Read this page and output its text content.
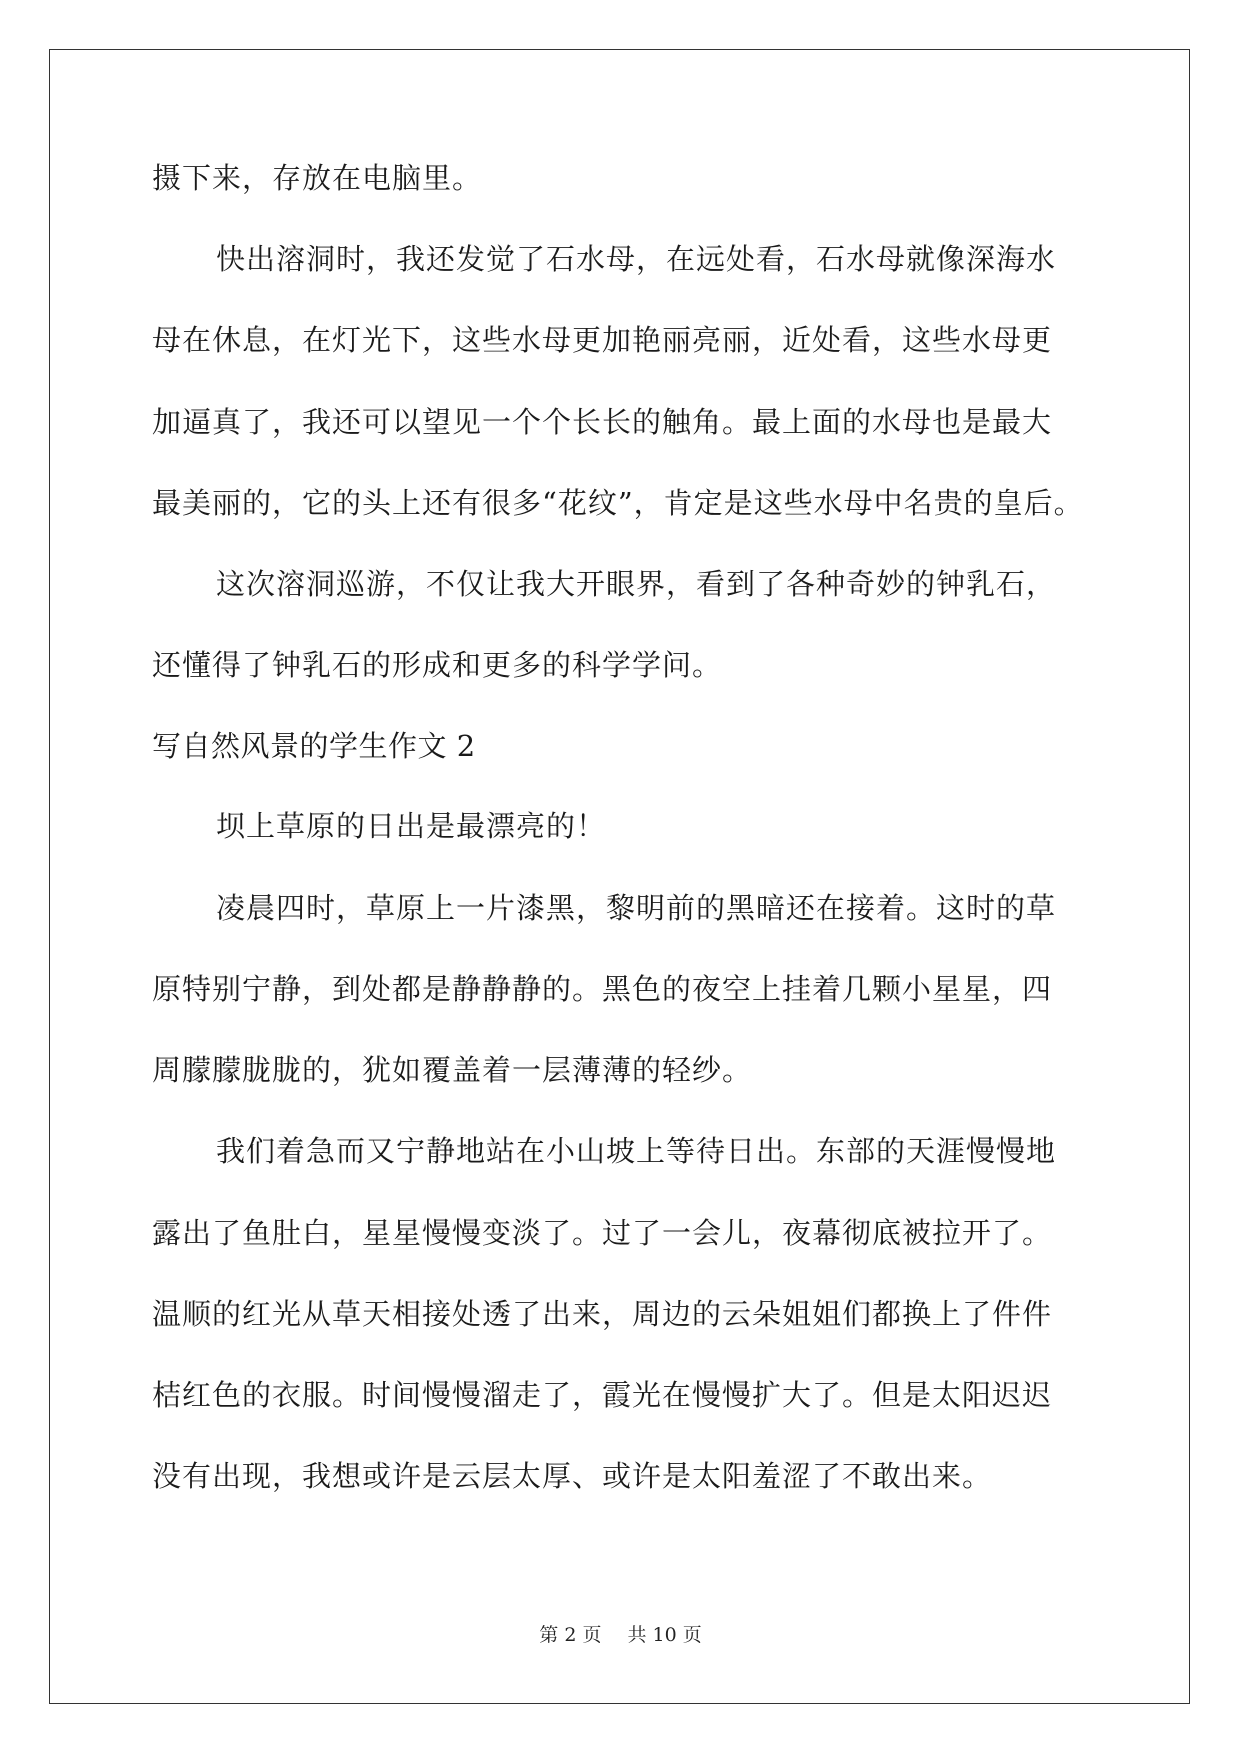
摄下来，存放在电脑里。
快出溶洞时，我还发觉了石水母，在远处看，石水母就像深海水
母在休息，在灯光下，这些水母更加艳丽亮丽，近处看，这些水母更
加逼真了，我还可以望见一个个长长的触角。最上面的水母也是最大
最美丽的，它的头上还有很多“花纹”，肯定是这些水母中名贵的皇后。
这次溶洞巡游，不仅让我大开眼界，看到了各种奇妙的钟乳石，
还懂得了钟乳石的形成和更多的科学学问。
写自然风景的学生作文 2
坝上草原的日出是最漂亮的！
凌晨四时，草原上一片漆黑，黎明前的黑暗还在接着。这时的草
原特别宁静，到处都是静静静的。黑色的夜空上挂着几颗小星星，四
周朦朦胧胧的，犹如覆盖着一层薄薄的轻纱。
我们着急而又宁静地站在小山坡上等待日出。东部的天涯慢慢地
露出了鱼肚白，星星慢慢变淡了。过了一会儿，夜幕彻底被拉开了。
温顺的红光从草天相接处透了出来，周边的云朵姐姐们都换上了件件
桔红色的衣服。时间慢慢溜走了，霞光在慢慢扩大了。但是太阳迟迟
没有出现，我想或许是云层太厚、或许是太阳羞涩了不敢出来。
第 2 页 共 10 页
